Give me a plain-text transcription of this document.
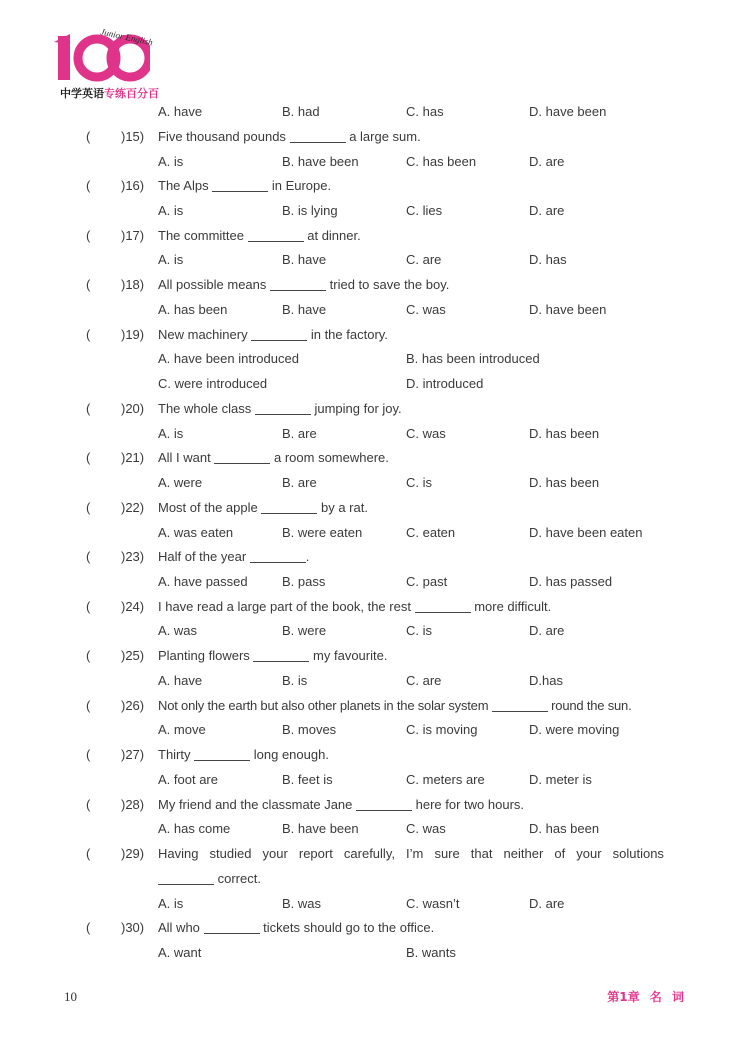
Junior English
中学英语专练百分百
A. have	B. had	C. has	D. have been
( )15) Five thousand pounds	a large sum.
A. is	B. have been	C. has been	D. are
( )16) The Alps	in Europe.
A. is	B. is lying	C. lies	D. are
( )17) The committee	at dinner.
A. is	B. have	C. are	D. has
( )18) All possible means	tried to save the boy.
A. has been	B. have	C. was	D. have been
( )19) New machinery	in the factory.
A. have been introduced	B. has been introduced
C. were introduced	D. introduced
( )20) The whole class	jumping for joy.
A. is	B. are	C. was	D. has been
( )21) All I want	a room somewhere.
A. were	B. are	C. is	D. has been
( )22) Most of the apple	by a rat.
A. was eaten	B. were eaten	C. eaten	D. have been eaten
( )23) Half of the year	.
A. have passed	B. pass	C. past	D. has passed
( )24) I have read a large part of the book, the rest	more difficult.
A. was	B. were	C. is	D. are
( )25) Planting flowers	my favourite.
A. have	B. is	C. are	D.has
( )26) Not only the earth but also other planets in the solar system	round the sun.
A. move	B. moves	C. is moving	D. were moving
( )27) Thirty	long enough.
A. foot are	B. feet is	C. meters are	D. meter is
( )28) My friend and the classmate Jane	here for two hours.
A. has come	B. have been	C. was	D. has been
( )29) Having studied your report carefully, I’m sure that neither of your solutions
correct.
A. is	B. was	C. wasn’t	D. are
( )30) All who	tickets should go to the office.
A. want	B. wants
10	第1章 名 词
